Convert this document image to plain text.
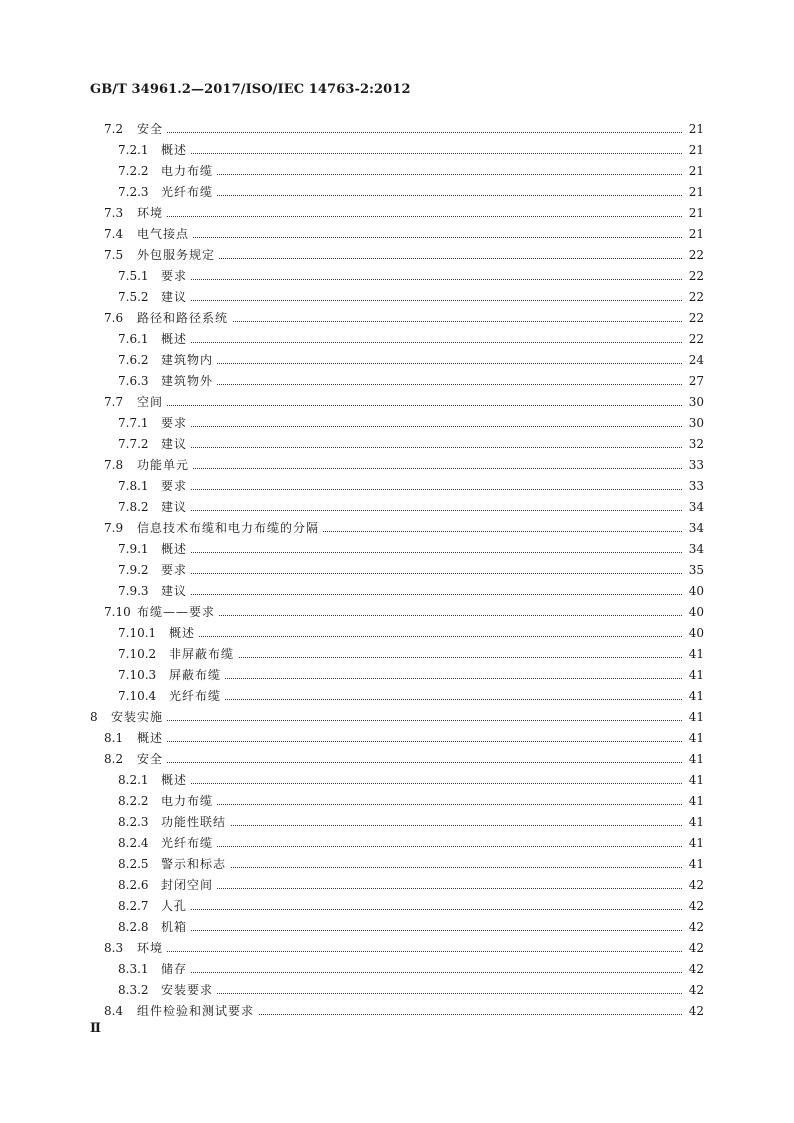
GB/T 34961.2—2017/ISO/IEC 14763-2:2012
7.2 安全	21
7.2.1 概述	21
7.2.2 电力布缆	21
7.2.3 光纤布缆	21
7.3 环境	21
7.4 电气接点	21
7.5 外包服务规定	22
7.5.1 要求	22
7.5.2 建议	22
7.6 路径和路径系统	22
7.6.1 概述	22
7.6.2 建筑物内	24
7.6.3 建筑物外	27
7.7 空间	30
7.7.1 要求	30
7.7.2 建议	32
7.8 功能单元	33
7.8.1 要求	33
7.8.2 建议	34
7.9 信息技术布缆和电力布缆的分隔	34
7.9.1 概述	34
7.9.2 要求	35
7.9.3 建议	40
7.10 布缆——要求	40
7.10.1 概述	40
7.10.2 非屏蔽布缆	41
7.10.3 屏蔽布缆	41
7.10.4 光纤布缆	41
8 安装实施	41
8.1 概述	41
8.2 安全	41
8.2.1 概述	41
8.2.2 电力布缆	41
8.2.3 功能性联结	41
8.2.4 光纤布缆	41
8.2.5 警示和标志	41
8.2.6 封闭空间	42
8.2.7 人孔	42
8.2.8 机箱	42
8.3 环境	42
8.3.1 储存	42
8.3.2 安装要求	42
8.4 组件检验和测试要求	42
Ⅱ
